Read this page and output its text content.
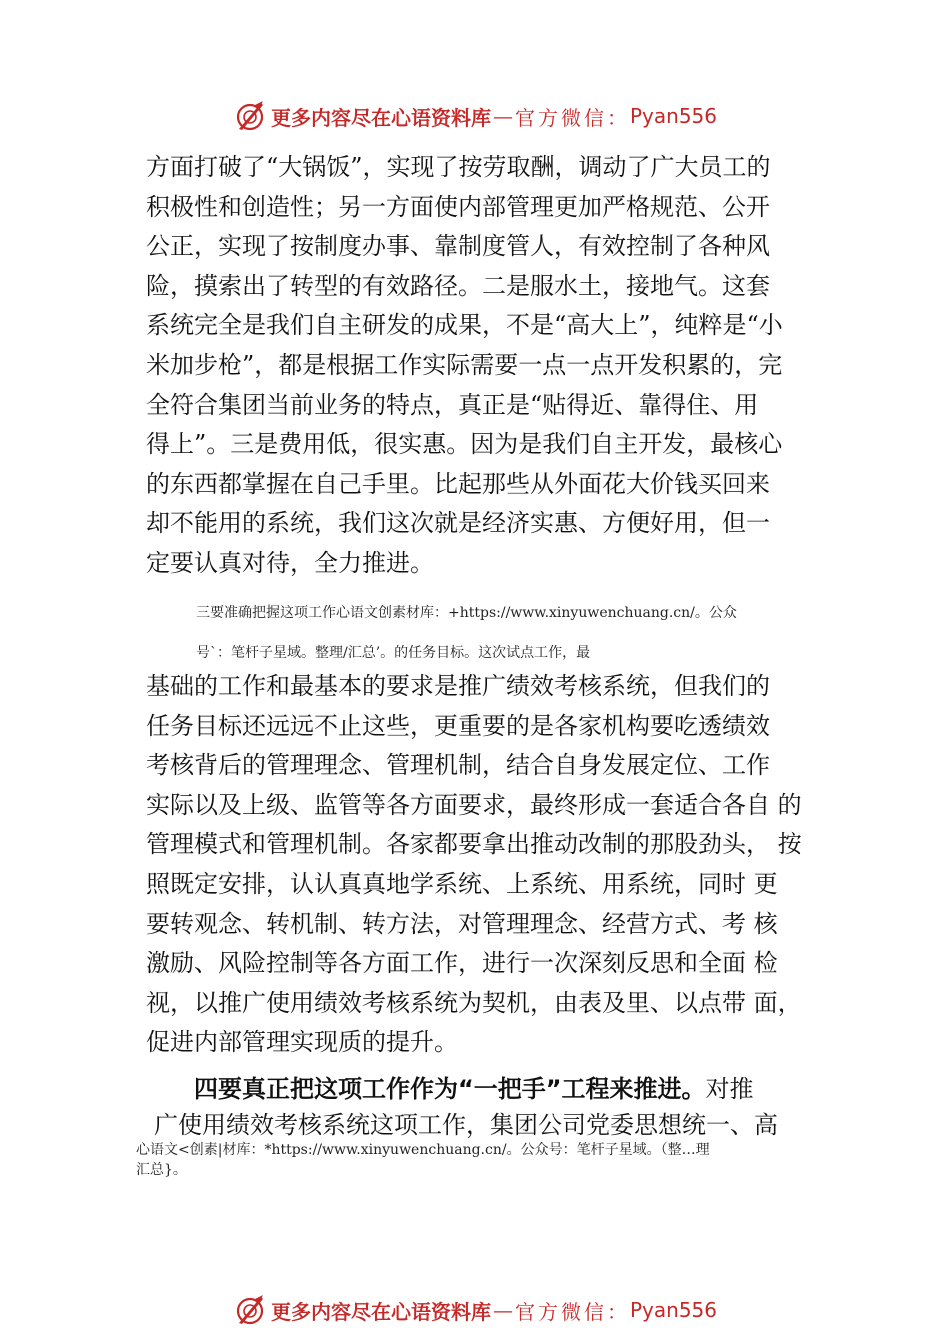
更多内容尽在心语资料库 — 官方微信： Pyan556
方面打破了“大锅饭”，实现了按劳取酬，调动了广大员工的
积极性和创造性；另一方面使内部管理更加严格规范、公开
公正，实现了按制度办事、靠制度管人，有效控制了各种风
险，摸索出了转型的有效路径。二是服水土，接地气。这套
系统完全是我们自主研发的成果，不是“高大上”，纯粹是“小
米加步枪”，都是根据工作实际需要一点一点开发积累的，完
全符合集团当前业务的特点，真正是“贴得近、靠得住、用
得上”。三是费用低，很实惠。因为是我们自主开发，最核心
的东西都掌握在自己手里。比起那些从外面花大价钱买回来
却不能用的系统，我们这次就是经济实惠、方便好用，但一
定要认真对待，全力推进。
三要准确把握这项工作心语文创素材库：+https://www.xinyuwenchuang.cn/。公众
号`：笔杆子星域。整理/汇总’。的任务目标。这次试点工作，最
基础的工作和最基本的要求是推广绩效考核系统，但我们的
任务目标还远远不止这些，更重要的是各家机构要吃透绩效
考核背后的管理理念、管理机制，结合自身发展定位、工作
实际以及上级、监管等各方面要求，最终形成一套适合各自 的
管理模式和管理机制。各家都要拿出推动改制的那股劲头， 按
照既定安排，认认真真地学系统、上系统、用系统，同时 更
要转观念、转机制、转方法，对管理理念、经营方式、考 核
激励、风险控制等各方面工作，进行一次深刻反思和全面 检
视，以推广使用绩效考核系统为契机，由表及里、以点带 面，
促进内部管理实现质的提升。
四要真正把这项工作作为“一把手”工程来推进。对推
广使用绩效考核系统这项工作，集团公司党委思想统一、高
心语文<创素|材库：*https://www.xinyuwenchuang.cn/。公众号：笔杆子星域。（整…理
汇总}。
更多内容尽在心语资料库 — 官方微信： Pyan556
